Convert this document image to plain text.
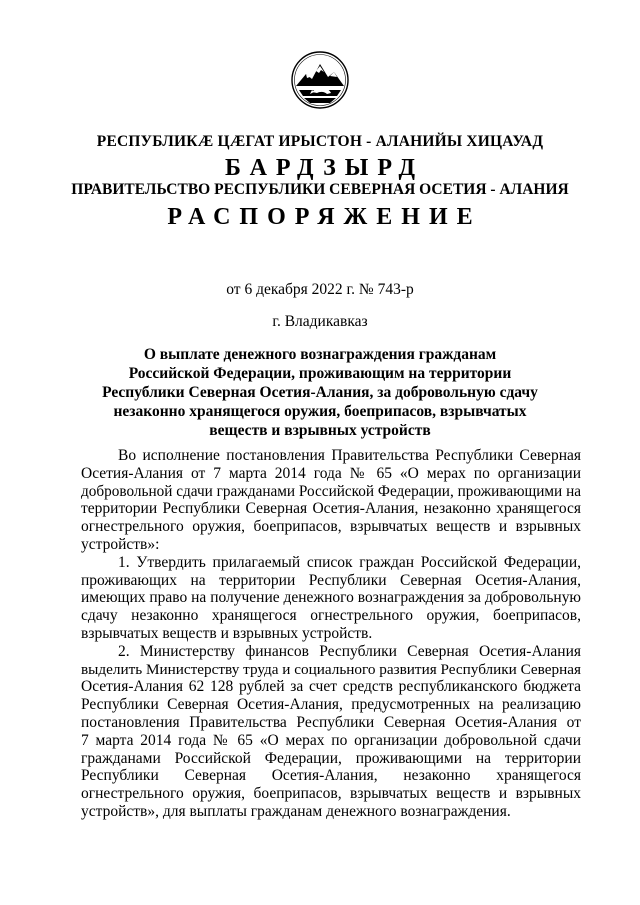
РЕСПУБЛИКӔ ЦӔГАТ ИРЫСТОН - АЛАНИЙЫ ХИЦАУАД
БАРДЗЫРД
ПРАВИТЕЛЬСТВО РЕСПУБЛИКИ СЕВЕРНАЯ ОСЕТИЯ - АЛАНИЯ
РАСПОРЯЖЕНИЕ
от 6 декабря 2022 г. № 743-р
г. Владикавказ
О выплате денежного вознаграждения гражданам
Российской Федерации, проживающим на территории
Республики Северная Осетия-Алания, за добровольную сдачу
незаконно хранящегося оружия, боеприпасов, взрывчатых
веществ и взрывных устройств
Во исполнение постановления Правительства Республики Северная
Осетия-Алания от 7 марта 2014 года № 65 «О мерах по организации
добровольной сдачи гражданами Российской Федерации, проживающими на
территории Республики Северная Осетия-Алания, незаконно хранящегося
огнестрельного оружия, боеприпасов, взрывчатых веществ и взрывных
устройств»:
1. Утвердить прилагаемый список граждан Российской Федерации,
проживающих на территории Республики Северная Осетия-Алания,
имеющих право на получение денежного вознаграждения за добровольную
сдачу незаконно хранящегося огнестрельного оружия, боеприпасов,
взрывчатых веществ и взрывных устройств.
2. Министерству финансов Республики Северная Осетия-Алания
выделить Министерству труда и социального развития Республики Северная
Осетия-Алания 62 128 рублей за счет средств республиканского бюджета
Республики Северная Осетия-Алания, предусмотренных на реализацию
постановления Правительства Республики Северная Осетия-Алания от
7 марта 2014 года № 65 «О мерах по организации добровольной сдачи
гражданами Российской Федерации, проживающими на территории
Республики Северная Осетия-Алания, незаконно хранящегося
огнестрельного оружия, боеприпасов, взрывчатых веществ и взрывных
устройств», для выплаты гражданам денежного вознаграждения.
